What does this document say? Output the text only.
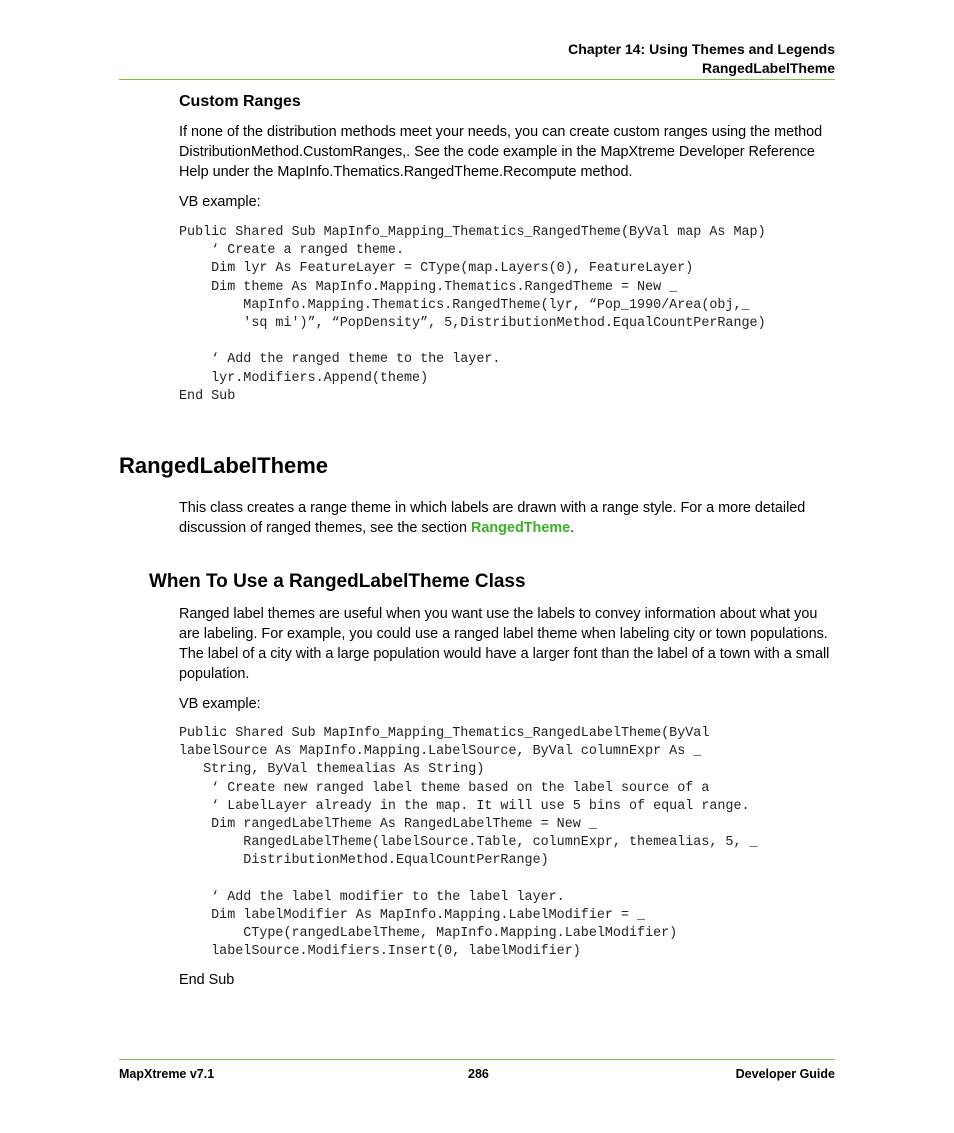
Chapter 14: Using Themes and Legends
RangedLabelTheme
Custom Ranges
If none of the distribution methods meet your needs, you can create custom ranges using the method DistributionMethod.CustomRanges,. See the code example in the MapXtreme Developer Reference Help under the MapInfo.Thematics.RangedTheme.Recompute method.
VB example:
Public Shared Sub MapInfo_Mapping_Thematics_RangedTheme(ByVal map As Map)
‘ Create a ranged theme.
Dim lyr As FeatureLayer = CType(map.Layers(0), FeatureLayer)
Dim theme As MapInfo.Mapping.Thematics.RangedTheme = New _
MapInfo.Mapping.Thematics.RangedTheme(lyr, “Pop_1990/Area(obj,_
'sq mi')”, “PopDensity”, 5,DistributionMethod.EqualCountPerRange)

‘ Add the ranged theme to the layer.
lyr.Modifiers.Append(theme)
End Sub
RangedLabelTheme
This class creates a range theme in which labels are drawn with a range style. For a more detailed discussion of ranged themes, see the section RangedTheme.
When To Use a RangedLabelTheme Class
Ranged label themes are useful when you want use the labels to convey information about what you are labeling. For example, you could use a ranged label theme when labeling city or town populations. The label of a city with a large population would have a larger font than the label of a town with a small population.
VB example:
Public Shared Sub MapInfo_Mapping_Thematics_RangedLabelTheme(ByVal
labelSource As MapInfo.Mapping.LabelSource, ByVal columnExpr As _
String, ByVal themealias As String)
‘ Create new ranged label theme based on the label source of a
‘ LabelLayer already in the map. It will use 5 bins of equal range.
Dim rangedLabelTheme As RangedLabelTheme = New _
RangedLabelTheme(labelSource.Table, columnExpr, themealias, 5, _
DistributionMethod.EqualCountPerRange)

‘ Add the label modifier to the label layer.
Dim labelModifier As MapInfo.Mapping.LabelModifier = _
CType(rangedLabelTheme, MapInfo.Mapping.LabelModifier)
labelSource.Modifiers.Insert(0, labelModifier)
End Sub
MapXtreme v7.1	286	Developer Guide
